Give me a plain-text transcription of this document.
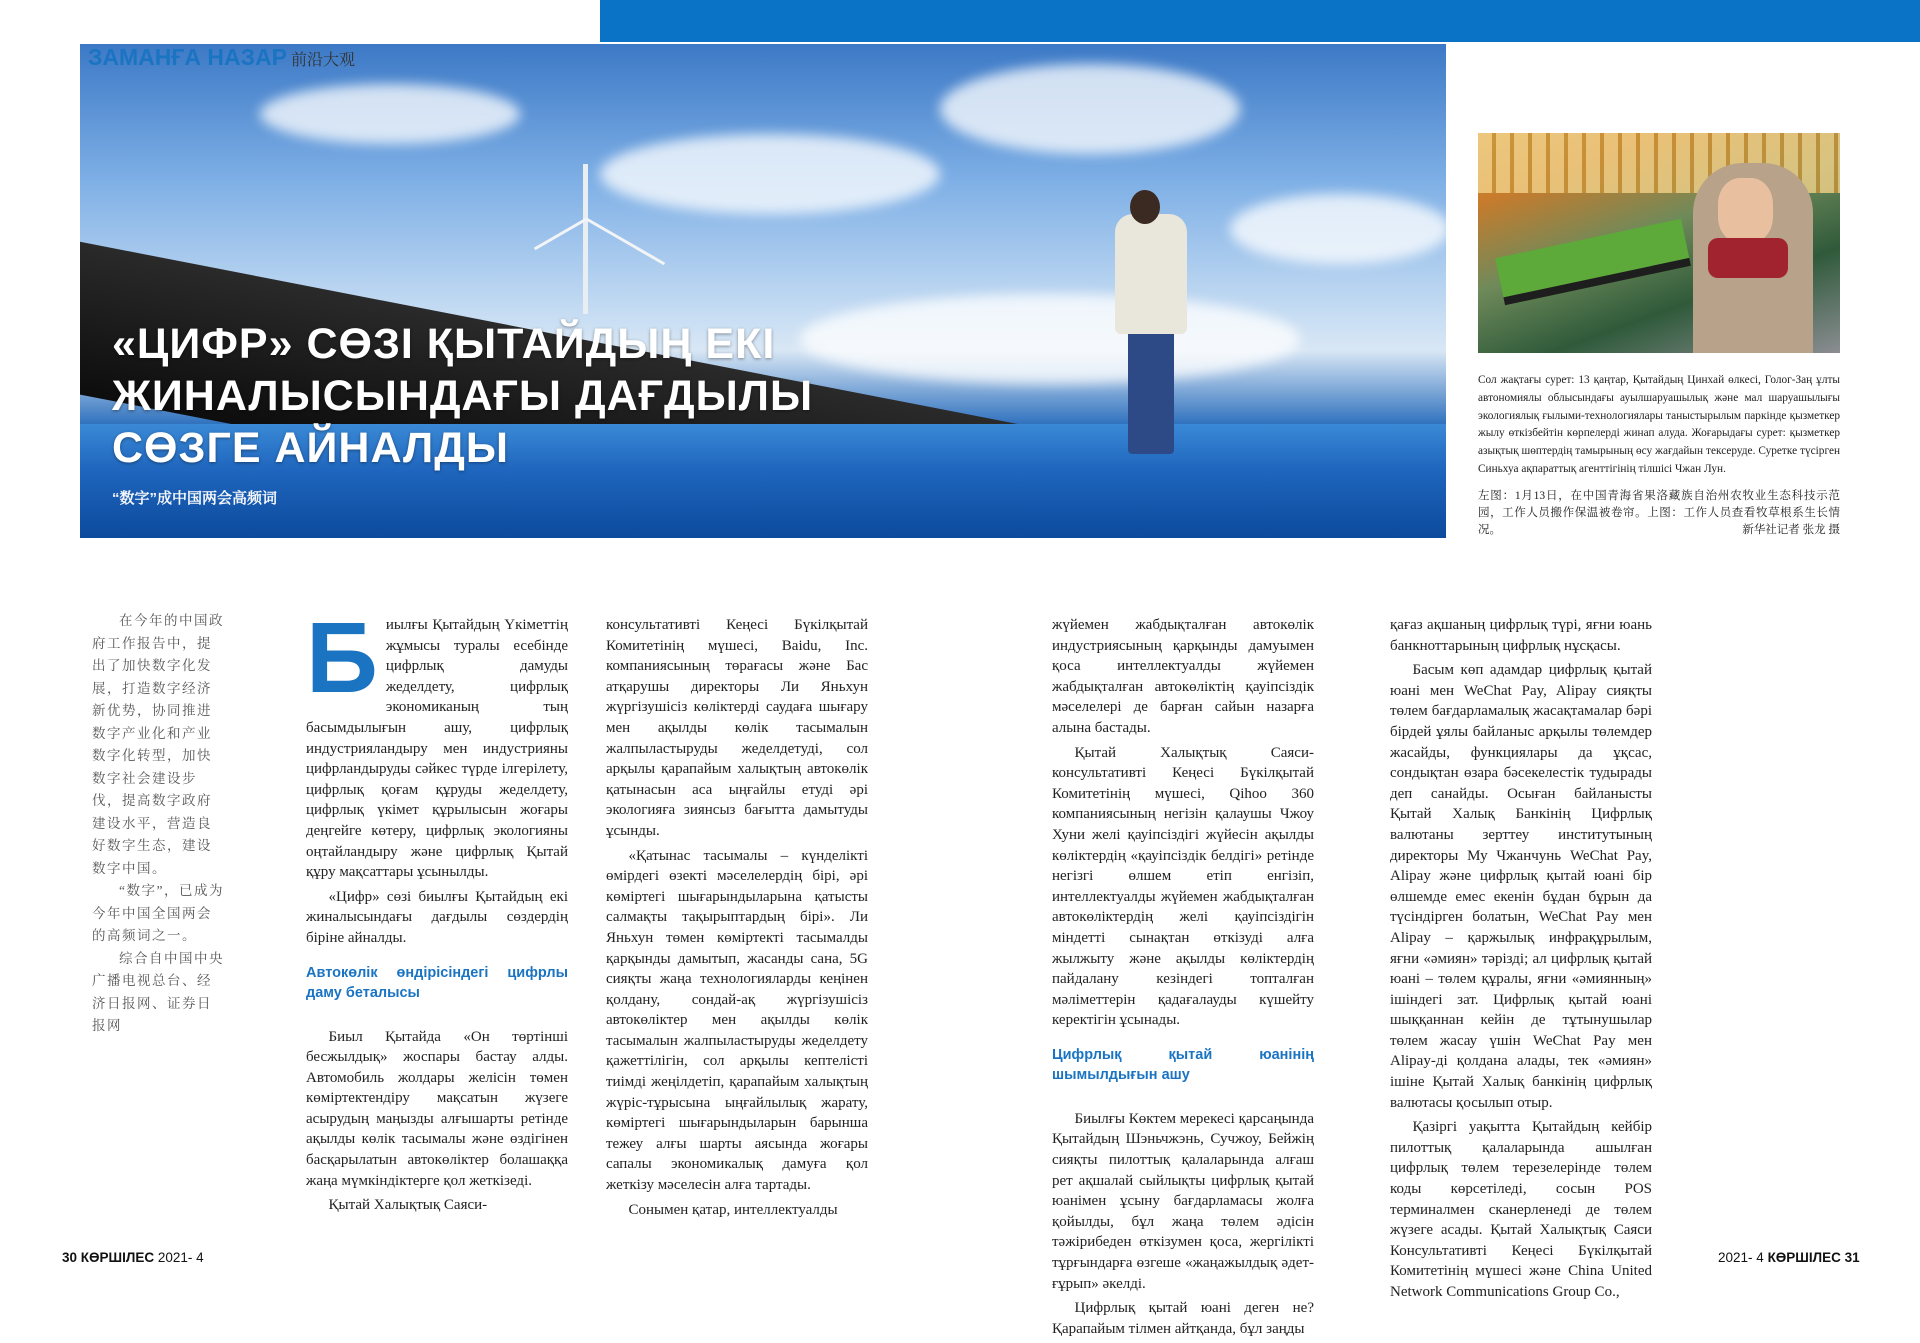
ЗАМАНҒА НАЗАР 前沿大观
«ЦИФР» СӨЗІ ҚЫТАЙДЫҢ ЕКІ
ЖИНАЛЫСЫНДАҒЫ ДАҒДЫЛЫ
СӨЗГЕ АЙНАЛДЫ
“数字”成中国两会高频词
Сол жақтағы сурет: 13 қаңтар, Қытайдың Цинхай өлкесі, Голог-Заң ұлты автономиялы облысындағы ауылшаруашылық және мал шаруашылығы экологиялық ғылыми-технологиялары таныстырылым паркінде қызметкер жылу өткізбейтін көрпелерді жинап алуда. Жоғарыдағы сурет: қызметкер азықтық шөптердің тамырының өсу жағдайын тексеруде. Суретке түсірген Синьхуа ақпараттық агенттігінің тілшісі Чжан Лун.
左图：1月13日，在中国青海省果洛藏族自治州农牧业生态科技示范园，工作人员搬作保温被卷帘。上图：工作人员查看牧草根系生长情况。	新华社记者 张龙 摄

在今年的中国政府工作报告中，提出了加快数字化发展，打造数字经济新优势，协同推进数字产业化和产业数字化转型，加快数字社会建设步伐，提高数字政府建设水平，营造良好数字生态，建设数字中国。

“数字”，已成为今年中国全国两会的高频词之一。

综合自中国中央广播电视总台、经济日报网、证券日报网

Биылғы Қытайдың Үкіметтің жұмысы туралы есебінде цифрлық дамуды жеделдету, цифрлық экономиканың тың басымдылығын ашу, цифрлық индустрияландыру мен индустрияны цифрландыруды сәйкес түрде ілгерілету, цифрлық қоғам құруды жеделдету, цифрлық үкімет құрылысын жоғары деңгейге көтеру, цифрлық экологияны оңтайландыру және цифрлық Қытай құру мақсаттары ұсынылды.

«Цифр» сөзі биылғы Қытайдың екі жиналысындағы дағдылы сөздердің біріне айналды.

Автокөлік өндірісіндегі цифрлы даму беталысы

Биыл Қытайда «Он төртінші бесжылдық» жоспары бастау алды. Автомобиль жолдары желісін төмен көміртектендіру мақсатын жүзеге асырудың маңызды алғышарты ретінде ақылды көлік тасымалы және өздігінен басқарылатын автокөліктер болашаққа жаңа мүмкіндіктерге қол жеткізеді.

Қытай Халықтық Саяси-

консультативті Кеңесі Бүкілқытай Комитетінің мүшесі, Baidu, Inc. компаниясының төрағасы және Бас атқарушы директоры Ли Яньхун жүргізушісіз көліктерді саудаға шығару мен ақылды көлік тасымалын жалпыластыруды жеделдетуді, сол арқылы қарапайым халықтың автокөлік қатынасын аса ыңғайлы етуді әрі экологияға зиянсыз бағытта дамытуды ұсынды.

«Қатынас тасымалы – күнделікті өмірдегі өзекті мәселелердің бірі, әрі көміртегі шығарындыларына қатысты салмақты тақырыптардың бірі». Ли Яньхун төмен көміртекті тасымалды қарқынды дамытып, жасанды сана, 5G сияқты жаңа технологияларды кеңінен қолдану, сондай-ақ жүргізушісіз автокөліктер мен ақылды көлік тасымалын жалпыластыруды жеделдету қажеттілігін, сол арқылы кептелісті тиімді жеңілдетіп, қарапайым халықтың жүріс-тұрысына ыңғайлылық жарату, көміртегі шығарындыларын барынша тежеу алғы шарты аясында жоғары сапалы экономикалық дамуға қол жеткізу мәселесін алға тартады.

Сонымен қатар, интеллектуалды

жүйемен жабдықталған автокөлік индустриясының қарқынды дамуымен қоса интеллектуалды жүйемен жабдықталған автокөліктің қауіпсіздік мәселелері де барған сайын назарға алына бастады.

Қытай Халықтық Саяси-консультативті Кеңесі Бүкілқытай Комитетінің мүшесі, Qihoo 360 компаниясының негізін қалаушы Чжоу Хуни желі қауіпсіздігі жүйесін ақылды көліктердің «қауіпсіздік белдігі» ретінде негізгі өлшем етіп енгізіп, интеллектуалды жүйемен жабдықталған автокөліктердің желі қауіпсіздігін міндетті сынақтан өткізуді алға жылжыту және ақылды көліктердің пайдалану кезіндегі топталған мәліметтерін қадағалауды күшейту керектігін ұсынады.

Цифрлық қытай юанінің шымылдығын ашу

Биылғы Көктем мерекесі қарсаңында Қытайдың Шэньчжэнь, Сучжоу, Бейжің сияқты пилоттық қалаларында алғаш рет ақшалай сыйлықты цифрлық қытай юанімен ұсыну бағдарламасы жолға қойылды, бұл жаңа төлем әдісін тәжірибеден өткізумен қоса, жергілікті тұрғындарға өзгеше «жаңажылдық әдет-ғұрып» әкелді.

Цифрлық қытай юані деген не? Қарапайым тілмен айтқанда, бұл заңды

қағаз ақшаның цифрлық түрі, яғни юань банкноттарының цифрлық нұсқасы.

Басым көп адамдар цифрлық қытай юані мен WeChat Pay, Alipay сияқты төлем бағдарламалық жасақтамалар бәрі бірдей ұялы байланыс арқылы төлемдер жасайды, функциялары да ұқсас, сондықтан өзара бәсекелестік тудырады деп санайды. Осыған байланысты Қытай Халық Банкінің Цифрлық валютаны зерттеу институтының директоры Му Чжанчунь WeChat Pay, Alipay және цифрлық қытай юані бір өлшемде емес екенін бұдан бұрын да түсіндірген болатын, WeChat Pay мен Alipay – қаржылық инфрақұрылым, яғни «әмиян» тәрізді; ал цифрлық қытай юані – төлем құралы, яғни «әмиянның» ішіндегі зат. Цифрлық қытай юані шыққаннан кейін де тұтынушылар төлем жасау үшін WeChat Pay мен Alipay-ді қолдана алады, тек «әмиян» ішіне Қытай Халық банкінің цифрлық валютасы қосылып отыр.

Қазіргі уақытта Қытайдың кейбір пилоттық қалаларында ашылған цифрлық төлем терезелерінде төлем коды көрсетіледі, сосын POS терминалмен сканерленеді де төлем жүзеге асады. Қытай Халықтық Саяси Консультативті Кеңесі Бүкілқытай Комитетінің мүшесі және China United Network Communications Group Co.,

30 КӨРШІЛЕС 2021- 4	2021- 4 КӨРШІЛЕС 31
